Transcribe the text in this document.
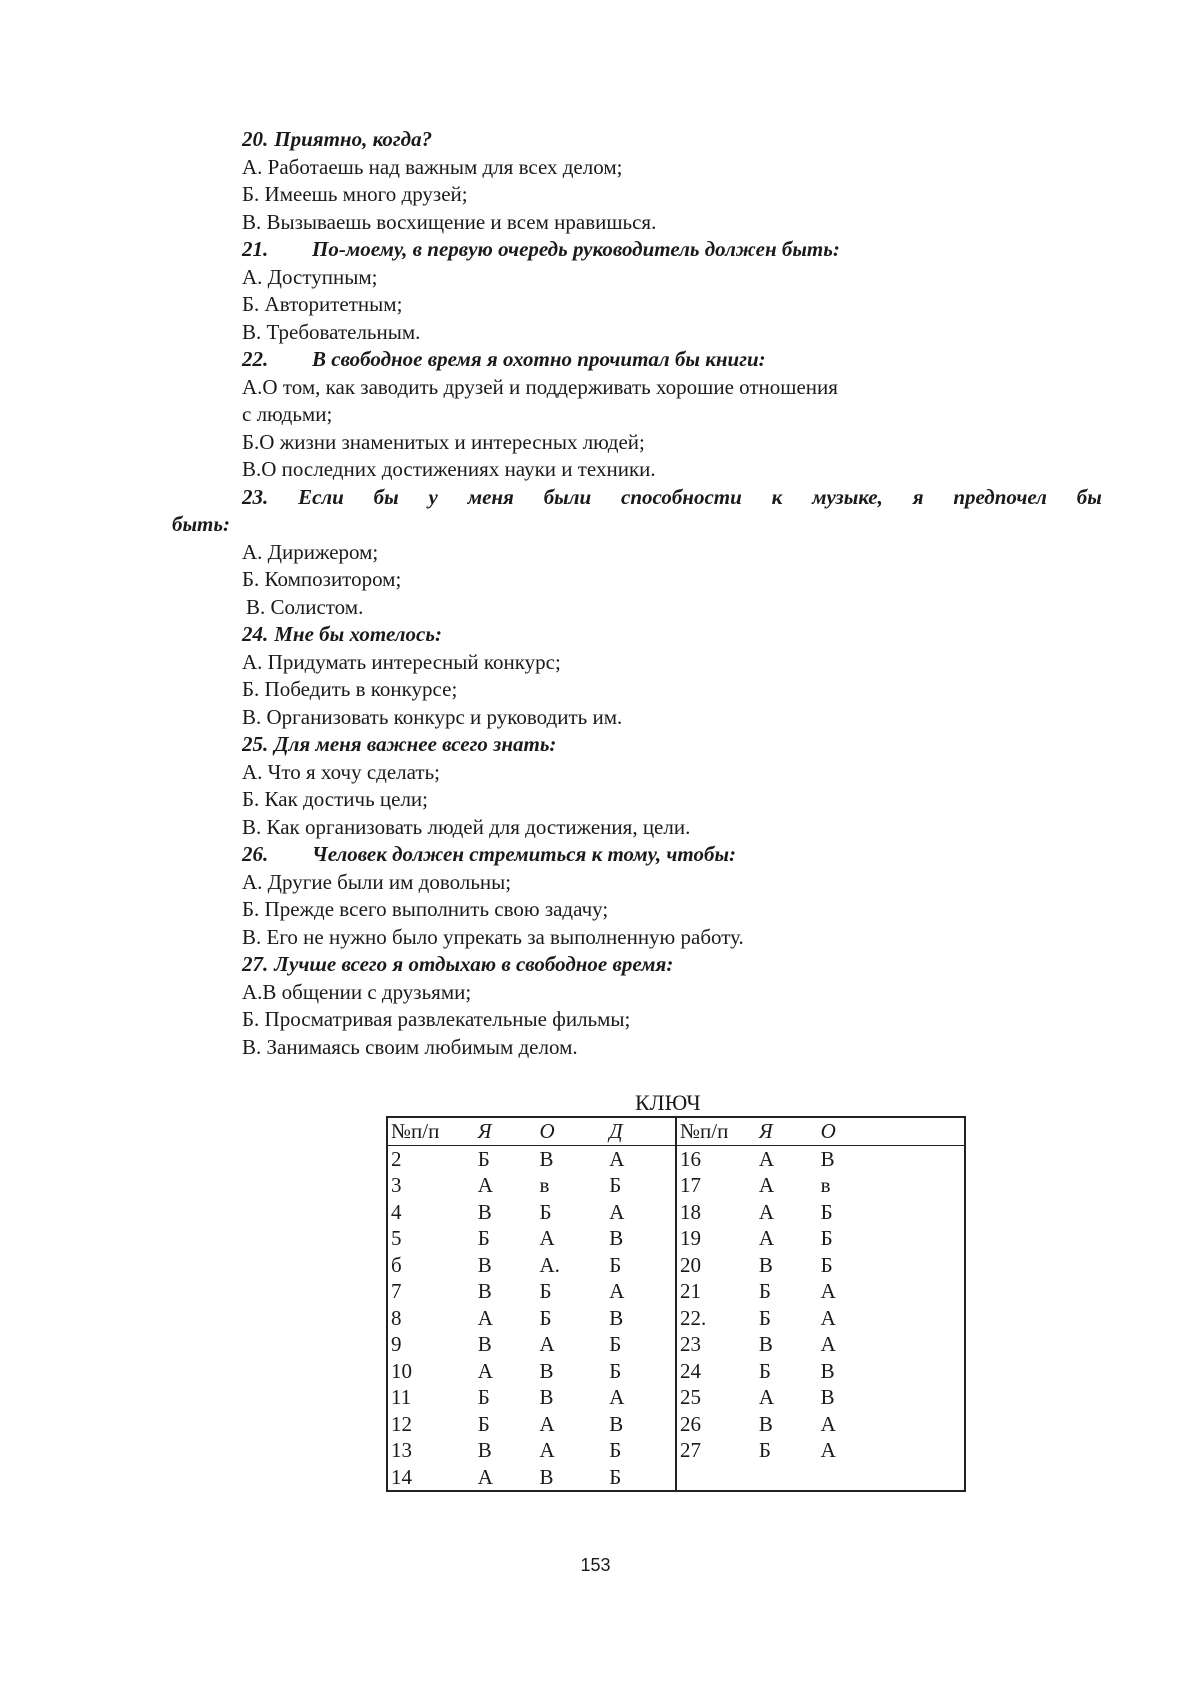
20. Приятно, когда?
А. Работаешь над важным для всех делом;
Б. Имеешь много друзей;
В. Вызываешь восхищение и всем нравишься.
21. По-моему, в первую очередь руководитель должен быть:
А. Доступным;
Б. Авторитетным;
В. Требовательным.
22. В свободное время я охотно прочитал бы книги:
А.О том, как заводить друзей и поддерживать хорошие отношения
с людьми;
Б.О жизни знаменитых и интересных людей;
В.О последних достижениях науки и техники.
23. Если бы у меня были способности к музыке, я предпочел бы
быть:
А. Дирижером;
Б. Композитором;
В. Солистом.
24. Мне бы хотелось:
А. Придумать интересный конкурс;
Б. Победить в конкурсе;
В. Организовать конкурс и руководить им.
25. Для меня важнее всего знать:
А. Что я хочу сделать;
Б. Как достичь цели;
В. Как организовать людей для достижения, цели.
26. Человек должен стремиться к тому, чтобы:
А. Другие были им довольны;
Б. Прежде всего выполнить свою задачу;
В. Его не нужно было упрекать за выполненную работу.
27. Лучше всего я отдыхаю в свободное время:
А.В общении с друзьями;
Б. Просматривая развлекательные фильмы;
В. Занимаясь своим любимым делом.
КЛЮЧ
№п/п	Я	О	Д	№п/п	Я	О
2	Б	В	А	16	А	В
3	А	в	Б	17	А	в
4	В	Б	А	18	А	Б
5	Б	А	В	19	А	Б
б	В	А.	Б	20	В	Б
7	В	Б	А	21	Б	А
8	А	Б	В	22.	Б	А
9	В	А	Б	23	В	А
10	А	В	Б	24	Б	В
11	Б	В	А	25	А	В
12	Б	А	В	26	В	А
13	В	А	Б	27	Б	А
14	А	В	Б			
153
